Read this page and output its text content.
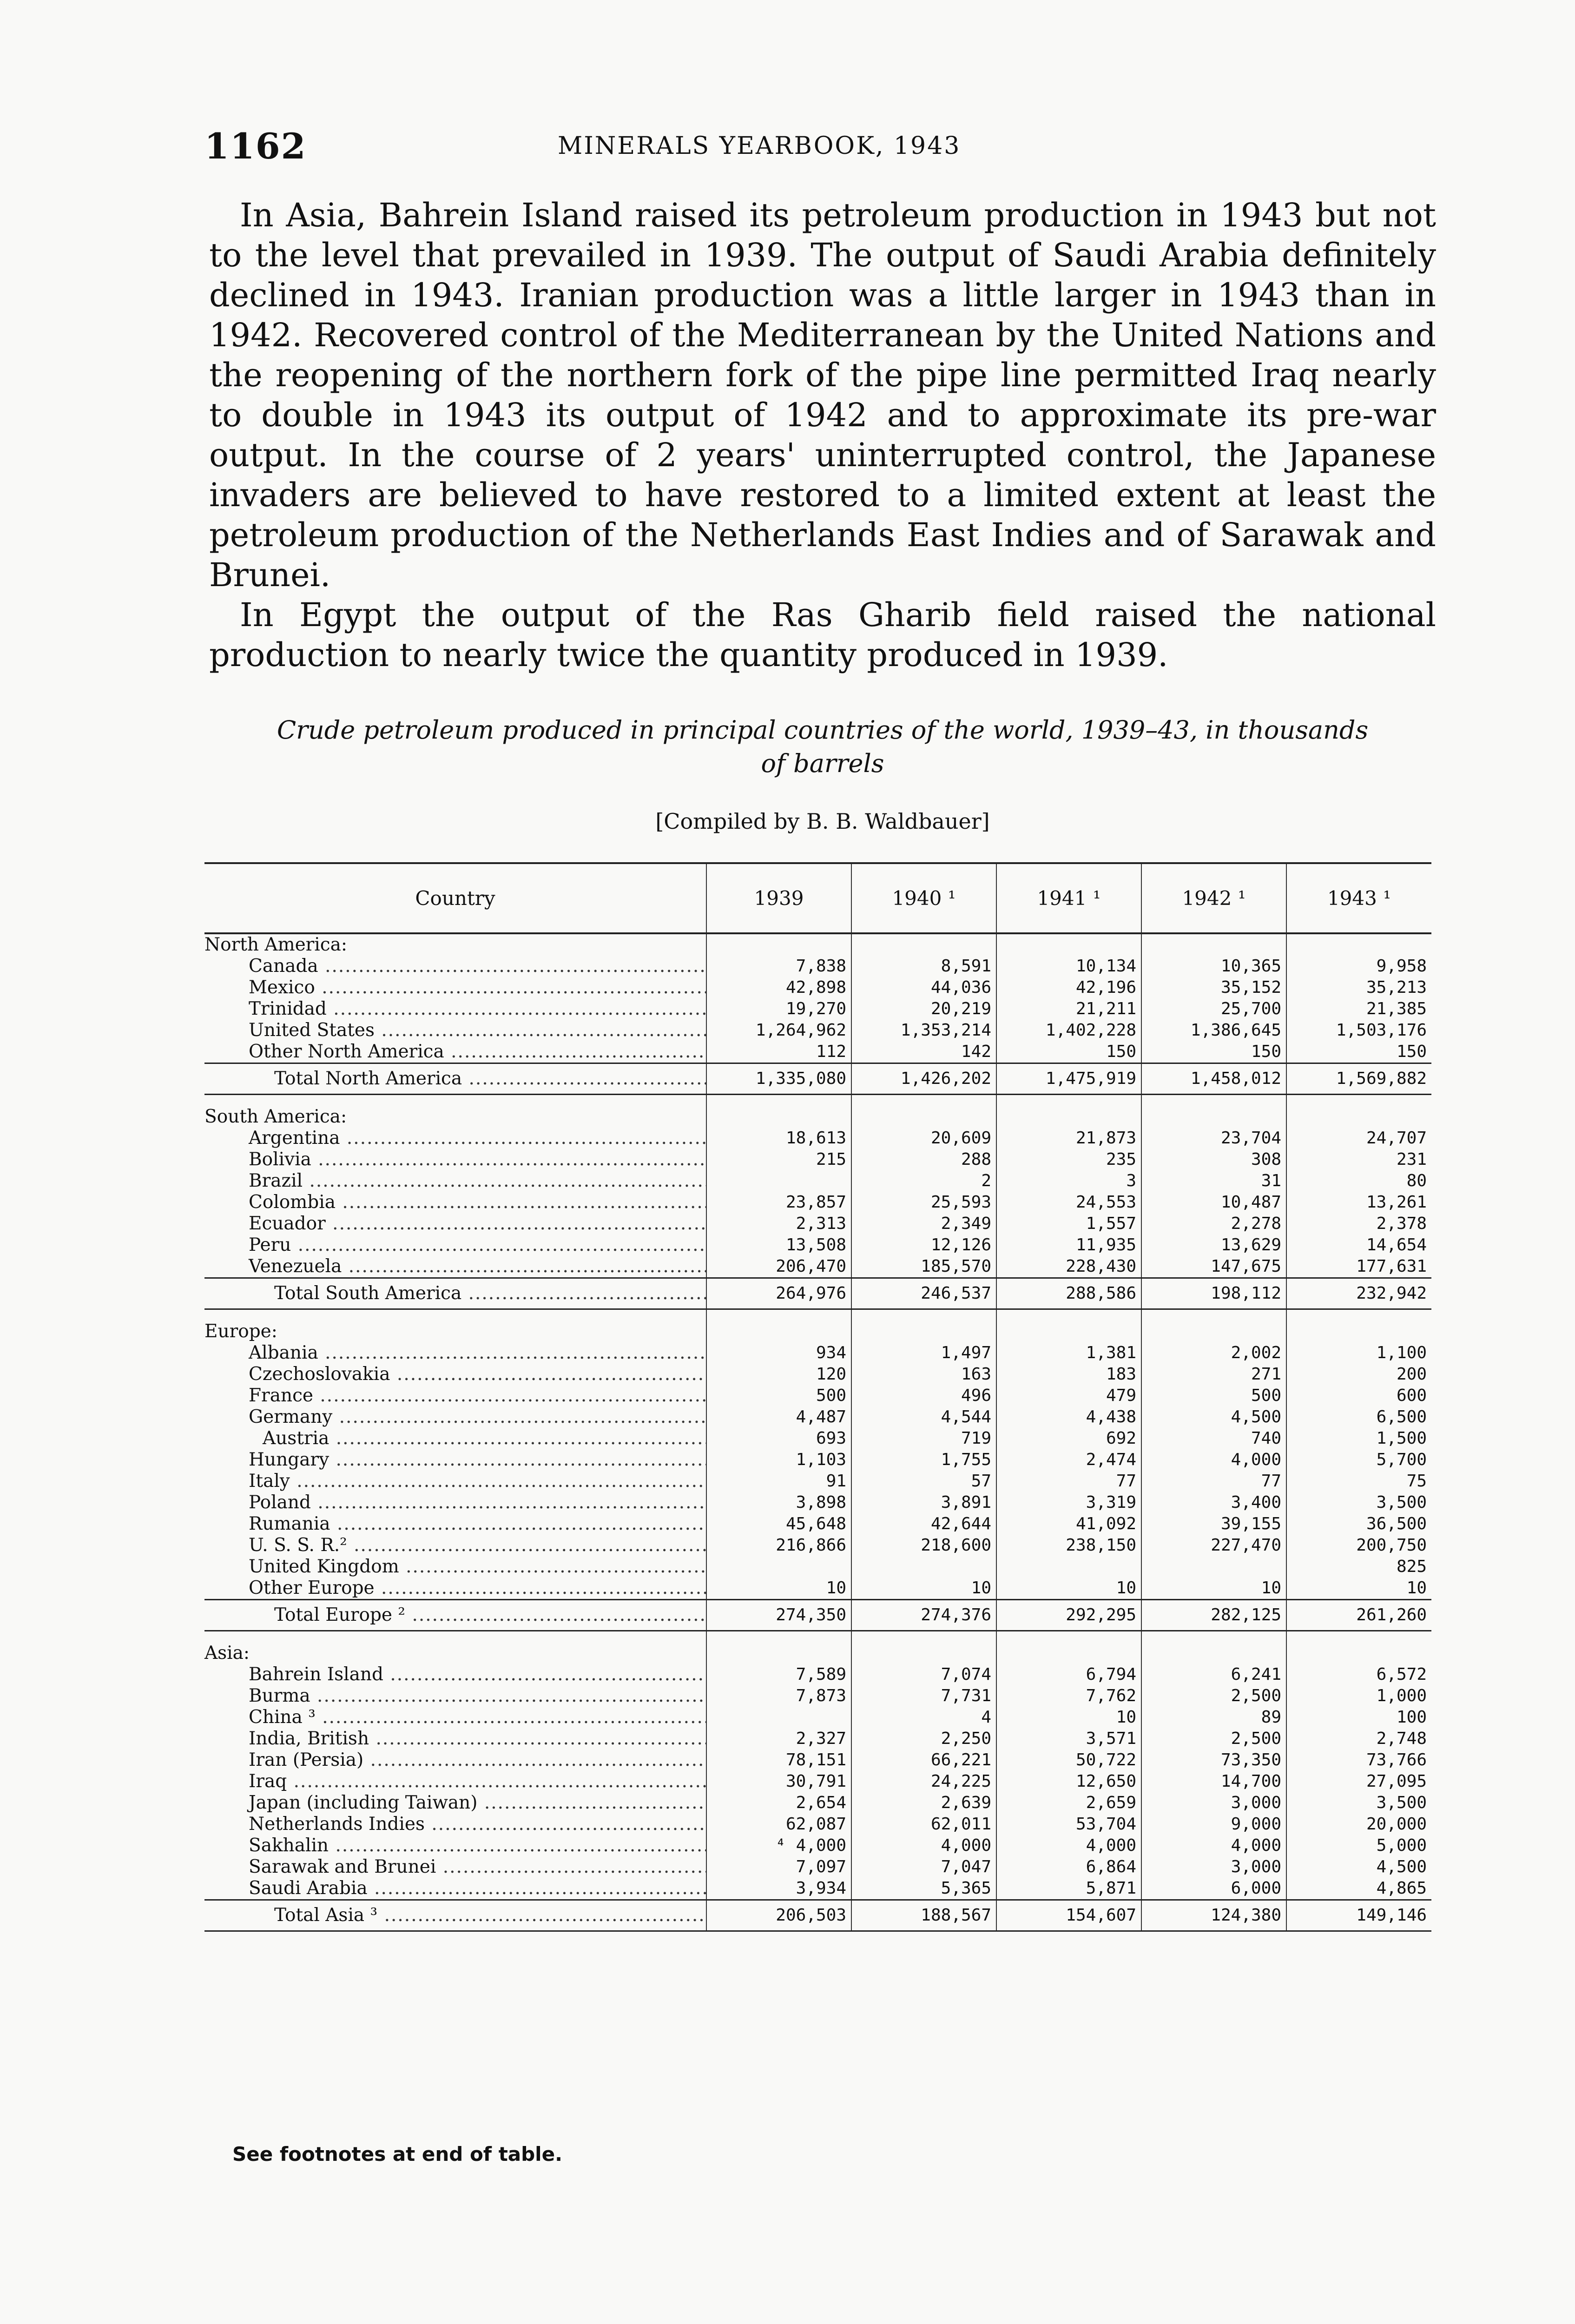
1162	MINERALS YEARBOOK, 1943

In Asia, Bahrein Island raised its petroleum production in 1943 but not to the level that prevailed in 1939. The output of Saudi Arabia definitely declined in 1943. Iranian production was a little larger in 1943 than in 1942. Recovered control of the Mediterranean by the United Nations and the reopening of the northern fork of the pipe line permitted Iraq nearly to double in 1943 its output of 1942 and to approximate its pre-war output. In the course of 2 years' uninterrupted control, the Japanese invaders are believed to have restored to a limited extent at least the petroleum production of the Netherlands East Indies and of Sarawak and Brunei.

In Egypt the output of the Ras Gharib field raised the national production to nearly twice the quantity produced in 1939.

Crude petroleum produced in principal countries of the world, 1939–43, in thousands
of barrels
[Compiled by B. B. Waldbauer]
Country	1939	1940 ¹	1941 ¹	1942 ¹	1943 ¹
North America:					
Canada .....	7,838	8,591	10,134	10,365	9,958
Mexico .....	42,898	44,036	42,196	35,152	35,213
Trinidad .....	19,270	20,219	21,211	25,700	21,385
United States .....	1,264,962	1,353,214	1,402,228	1,386,645	1,503,176
Other North America .....	112	142	150	150	150
Total North America .....	1,335,080	1,426,202	1,475,919	1,458,012	1,569,882

South America:					
Argentina .....	18,613	20,609	21,873	23,704	24,707
Bolivia .....	215	288	235	308	231
Brazil .....		2	3	31	80
Colombia .....	23,857	25,593	24,553	10,487	13,261
Ecuador .....	2,313	2,349	1,557	2,278	2,378
Peru .....	13,508	12,126	11,935	13,629	14,654
Venezuela .....	206,470	185,570	228,430	147,675	177,631
Total South America .....	264,976	246,537	288,586	198,112	232,942

Europe:					
Albania .....	934	1,497	1,381	2,002	1,100
Czechoslovakia .....	120	163	183	271	200
France .....	500	496	479	500	600
Germany .....	4,487	4,544	4,438	4,500	6,500
Austria .....	693	719	692	740	1,500
Hungary .....	1,103	1,755	2,474	4,000	5,700
Italy .....	91	57	77	77	75
Poland .....	3,898	3,891	3,319	3,400	3,500
Rumania .....	45,648	42,644	41,092	39,155	36,500
U. S. S. R.² .....	216,866	218,600	238,150	227,470	200,750
United Kingdom .....					825
Other Europe .....	10	10	10	10	10
Total Europe ² .....	274,350	274,376	292,295	282,125	261,260

Asia:					
Bahrein Island .....	7,589	7,074	6,794	6,241	6,572
Burma .....	7,873	7,731	7,762	2,500	1,000
China ³ .....		4	10	89	100
India, British .....	2,327	2,250	3,571	2,500	2,748
Iran (Persia) .....	78,151	66,221	50,722	73,350	73,766
Iraq .....	30,791	24,225	12,650	14,700	27,095
Japan (including Taiwan) .....	2,654	2,639	2,659	3,000	3,500
Netherlands Indies .....	62,087	62,011	53,704	9,000	20,000
Sakhalin .....	⁴ 4,000	4,000	4,000	4,000	5,000
Sarawak and Brunei .....	7,097	7,047	6,864	3,000	4,500
Saudi Arabia .....	3,934	5,365	5,871	6,000	4,865
Total Asia ³ .....	206,503	188,567	154,607	124,380	149,146
See footnotes at end of table.
